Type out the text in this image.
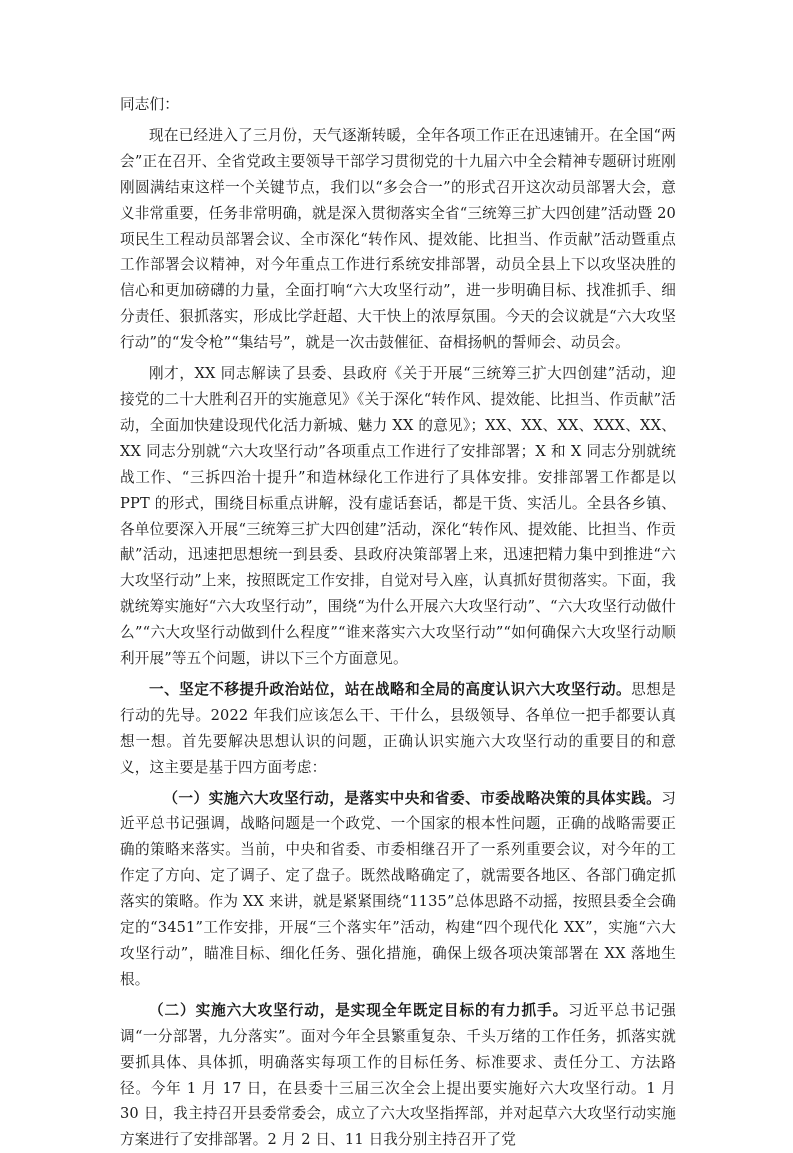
同志们：

现在已经进入了三月份，天气逐渐转暖，全年各项工作正在迅速铺开。在全国“两会”正在召开、全省党政主要领导干部学习贯彻党的十九届六中全会精神专题研讨班刚刚圆满结束这样一个关键节点，我们以“多会合一”的形式召开这次动员部署大会，意义非常重要，任务非常明确，就是深入贯彻落实全省“三统筹三扩大四创建”活动暨 20 项民生工程动员部署会议、全市深化“转作风、提效能、比担当、作贡献”活动暨重点工作部署会议精神，对今年重点工作进行系统安排部署，动员全县上下以攻坚决胜的信心和更加磅礴的力量，全面打响“六大攻坚行动”，进一步明确目标、找准抓手、细分责任、狠抓落实，形成比学赶超、大干快上的浓厚氛围。今天的会议就是“六大攻坚行动”的“发令枪”“集结号”，就是一次击鼓催征、奋楫扬帆的誓师会、动员会。

刚才，XX 同志解读了县委、县政府《关于开展“三统筹三扩大四创建”活动，迎接党的二十大胜利召开的实施意见》《关于深化“转作风、提效能、比担当、作贡献”活动，全面加快建设现代化活力新城、魅力 XX 的意见》；XX、XX、XX、XXX、XX、XX 同志分别就“六大攻坚行动”各项重点工作进行了安排部署；X 和 X 同志分别就统战工作、“三拆四治十提升”和造林绿化工作进行了具体安排。安排部署工作都是以 PPT 的形式，围绕目标重点讲解，没有虚话套话，都是干货、实活儿。全县各乡镇、各单位要深入开展“三统筹三扩大四创建”活动，深化“转作风、提效能、比担当、作贡献”活动，迅速把思想统一到县委、县政府决策部署上来，迅速把精力集中到推进“六大攻坚行动”上来，按照既定工作安排，自觉对号入座，认真抓好贯彻落实。下面，我就统筹实施好“六大攻坚行动”，围绕“为什么开展六大攻坚行动”、“六大攻坚行动做什么”“六大攻坚行动做到什么程度”“谁来落实六大攻坚行动”“如何确保六大攻坚行动顺利开展”等五个问题，讲以下三个方面意见。

一、坚定不移提升政治站位，站在战略和全局的高度认识六大攻坚行动。思想是行动的先导。2022 年我们应该怎么干、干什么，县级领导、各单位一把手都要认真想一想。首先要解决思想认识的问题，正确认识实施六大攻坚行动的重要目的和意义，这主要是基于四方面考虑：

（一）实施六大攻坚行动，是落实中央和省委、市委战略决策的具体实践。习近平总书记强调，战略问题是一个政党、一个国家的根本性问题，正确的战略需要正确的策略来落实。当前，中央和省委、市委相继召开了一系列重要会议，对今年的工作定了方向、定了调子、定了盘子。既然战略确定了，就需要各地区、各部门确定抓落实的策略。作为 XX 来讲，就是紧紧围绕“1135”总体思路不动摇，按照县委全会确定的“3451”工作安排，开展“三个落实年”活动，构建“四个现代化 XX”，实施“六大攻坚行动”，瞄准目标、细化任务、强化措施，确保上级各项决策部署在 XX 落地生根。

（二）实施六大攻坚行动，是实现全年既定目标的有力抓手。习近平总书记强调“一分部署，九分落实”。面对今年全县繁重复杂、千头万绪的工作任务，抓落实就要抓具体、具体抓，明确落实每项工作的目标任务、标准要求、责任分工、方法路径。今年 1 月 17 日，在县委十三届三次全会上提出要实施好六大攻坚行动。1 月 30 日，我主持召开县委常委会，成立了六大攻坚指挥部，并对起草六大攻坚行动实施方案进行了安排部署。2 月 2 日、11 日我分别主持召开了党
